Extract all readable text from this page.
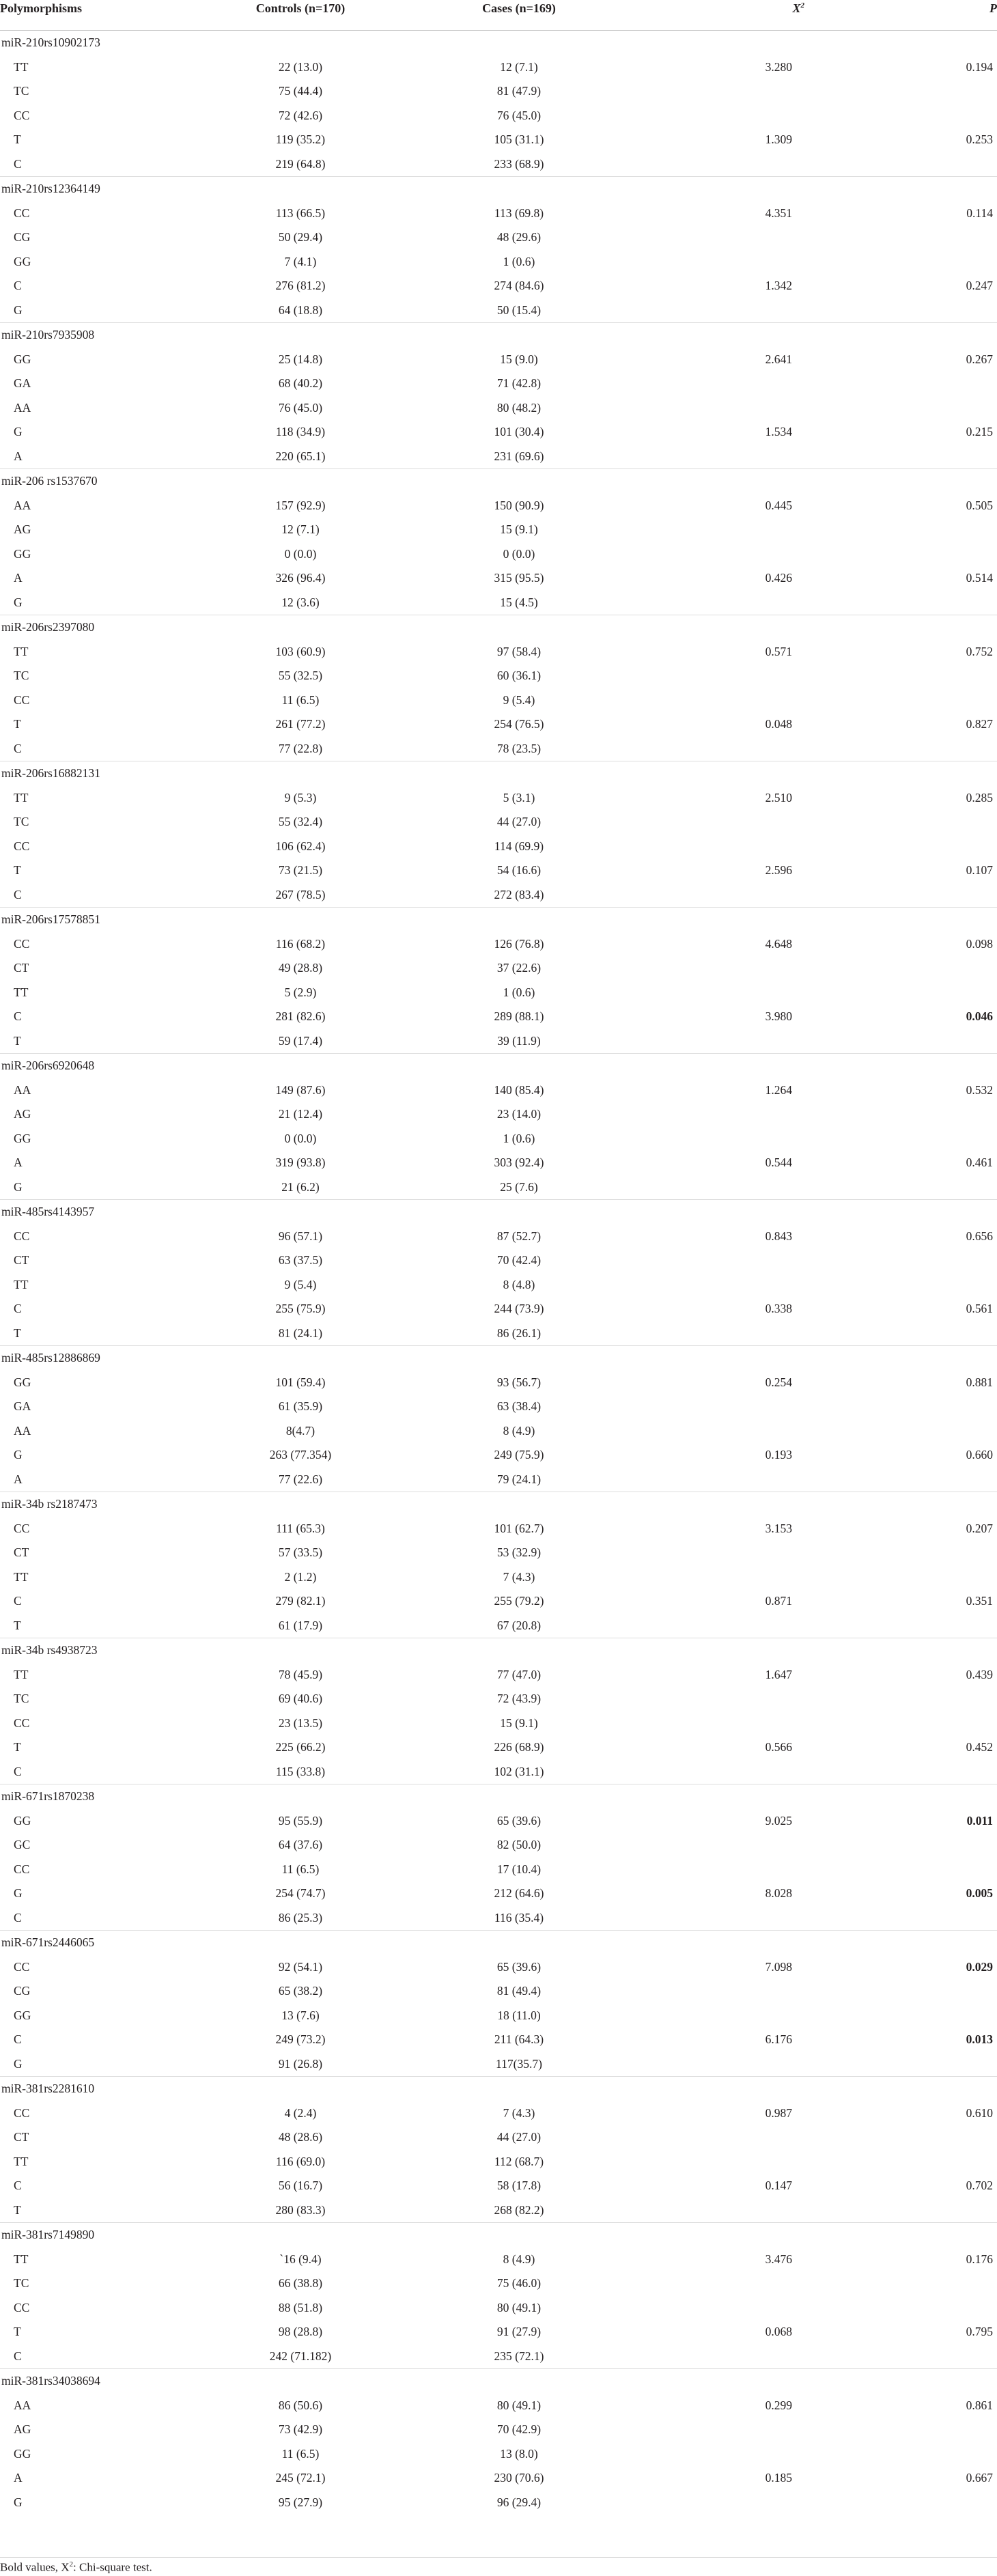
Polymorphisms	Controls (n=170)	Cases (n=169)	$X^2$	P
miR-210rs10902173				
TT	22 (13.0)	12 (7.1)	3.280	0.194
TC	75 (44.4)	81 (47.9)		
CC	72 (42.6)	76 (45.0)		
T	119 (35.2)	105 (31.1)	1.309	0.253
C	219 (64.8)	233 (68.9)		
miR-210rs12364149				
CC	113 (66.5)	113 (69.8)	4.351	0.114
CG	50 (29.4)	48 (29.6)		
GG	7 (4.1)	1 (0.6)		
C	276 (81.2)	274 (84.6)	1.342	0.247
G	64 (18.8)	50 (15.4)		
miR-210rs7935908				
GG	25 (14.8)	15 (9.0)	2.641	0.267
GA	68 (40.2)	71 (42.8)		
AA	76 (45.0)	80 (48.2)		
G	118 (34.9)	101 (30.4)	1.534	0.215
A	220 (65.1)	231 (69.6)		
miR-206 rs1537670				
AA	157 (92.9)	150 (90.9)	0.445	0.505
AG	12 (7.1)	15 (9.1)		
GG	0 (0.0)	0 (0.0)		
A	326 (96.4)	315 (95.5)	0.426	0.514
G	12 (3.6)	15 (4.5)		
miR-206rs2397080				
TT	103 (60.9)	97 (58.4)	0.571	0.752
TC	55 (32.5)	60 (36.1)		
CC	11 (6.5)	9 (5.4)		
T	261 (77.2)	254 (76.5)	0.048	0.827
C	77 (22.8)	78 (23.5)		
miR-206rs16882131				
TT	9 (5.3)	5 (3.1)	2.510	0.285
TC	55 (32.4)	44 (27.0)		
CC	106 (62.4)	114 (69.9)		
T	73 (21.5)	54 (16.6)	2.596	0.107
C	267 (78.5)	272 (83.4)		
miR-206rs17578851				
CC	116 (68.2)	126 (76.8)	4.648	0.098
CT	49 (28.8)	37 (22.6)		
TT	5 (2.9)	1 (0.6)		
C	281 (82.6)	289 (88.1)	3.980	0.046
T	59 (17.4)	39 (11.9)		
miR-206rs6920648				
AA	149 (87.6)	140 (85.4)	1.264	0.532
AG	21 (12.4)	23 (14.0)		
GG	0 (0.0)	1 (0.6)		
A	319 (93.8)	303 (92.4)	0.544	0.461
G	21 (6.2)	25 (7.6)		
miR-485rs4143957				
CC	96 (57.1)	87 (52.7)	0.843	0.656
CT	63 (37.5)	70 (42.4)		
TT	9 (5.4)	8 (4.8)		
C	255 (75.9)	244 (73.9)	0.338	0.561
T	81 (24.1)	86 (26.1)		
miR-485rs12886869				
GG	101 (59.4)	93 (56.7)	0.254	0.881
GA	61 (35.9)	63 (38.4)		
AA	8(4.7)	8 (4.9)		
G	263 (77.354)	249 (75.9)	0.193	0.660
A	77 (22.6)	79 (24.1)		
miR-34b rs2187473				
CC	111 (65.3)	101 (62.7)	3.153	0.207
CT	57 (33.5)	53 (32.9)		
TT	2 (1.2)	7 (4.3)		
C	279 (82.1)	255 (79.2)	0.871	0.351
T	61 (17.9)	67 (20.8)		
miR-34b rs4938723				
TT	78 (45.9)	77 (47.0)	1.647	0.439
TC	69 (40.6)	72 (43.9)		
CC	23 (13.5)	15 (9.1)		
T	225 (66.2)	226 (68.9)	0.566	0.452
C	115 (33.8)	102 (31.1)		
miR-671rs1870238				
GG	95 (55.9)	65 (39.6)	9.025	0.011
GC	64 (37.6)	82 (50.0)		
CC	11 (6.5)	17 (10.4)		
G	254 (74.7)	212 (64.6)	8.028	0.005
C	86 (25.3)	116 (35.4)		
miR-671rs2446065				
CC	92 (54.1)	65 (39.6)	7.098	0.029
CG	65 (38.2)	81 (49.4)		
GG	13 (7.6)	18 (11.0)		
C	249 (73.2)	211 (64.3)	6.176	0.013
G	91 (26.8)	117(35.7)		
miR-381rs2281610				
CC	4 (2.4)	7 (4.3)	0.987	0.610
CT	48 (28.6)	44 (27.0)		
TT	116 (69.0)	112 (68.7)		
C	56 (16.7)	58 (17.8)	0.147	0.702
T	280 (83.3)	268 (82.2)		
miR-381rs7149890				
TT	`16 (9.4)	8 (4.9)	3.476	0.176
TC	66 (38.8)	75 (46.0)		
CC	88 (51.8)	80 (49.1)		
T	98 (28.8)	91 (27.9)	0.068	0.795
C	242 (71.182)	235 (72.1)		
miR-381rs34038694				
AA	86 (50.6)	80 (49.1)	0.299	0.861
AG	73 (42.9)	70 (42.9)		
GG	11 (6.5)	13 (8.0)		
A	245 (72.1)	230 (70.6)	0.185	0.667
G	95 (27.9)	96 (29.4)		
Bold values, $X^2$: Chi-square test.
